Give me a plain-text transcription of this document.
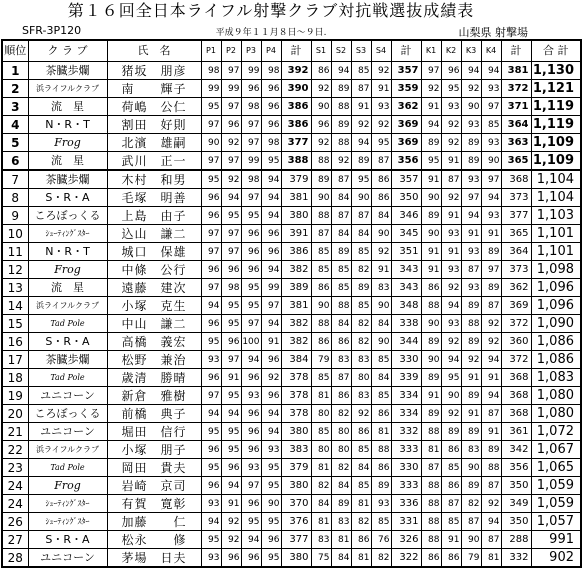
第１６回全日本ライフル射撃クラブ対抗戦選抜成績表
SFR-3P120	平成９年１１月８日～９日.	山梨県 射撃場
順位	ク ラ ブ	氏　名	P1	P2	P3	P4	計	S1	S2	S3	S4	計	K1	K2	K3	K4	計	合 計
1	茶臓歩爛	猪坂　朋彦	98	97	99	98	392	86	94	85	92	357	97	96	94	94	381	1,130
2	浜ライフルクラブ	南　　輝子	99	99	96	96	390	92	89	87	91	359	92	95	92	93	372	1,121
3	流　星	荷嶋　公仁	95	97	98	96	386	90	88	91	93	362	91	93	90	97	371	1,119
4	N・R・T	割田　好則	97	96	97	96	386	96	89	92	92	369	94	92	93	85	364	1,119
5	Frog	北濱　雄嗣	90	92	97	98	377	92	88	94	95	369	89	92	89	93	363	1,109
6	流　星	武川　正一	97	97	99	95	388	88	92	89	87	356	95	91	89	90	365	1,109
7	茶臓歩爛	木村　和男	95	92	98	94	379	89	87	95	86	357	91	87	93	97	368	1,104
8	S・R・A	毛塚　明善	96	94	97	94	381	90	84	90	86	350	90	92	97	94	373	1,104
9	ころぼっくる	上島　由子	96	95	95	94	380	88	87	87	84	346	89	91	94	93	377	1,103
10	ｼｭｰﾃｨﾝｸﾞｽﾀｰ	込山　謙二	97	97	96	96	391	87	84	84	90	345	90	93	91	91	365	1,101
11	N・R・T	城口　保雄	97	97	96	96	386	85	89	85	92	351	91	91	93	89	364	1,101
12	Frog	中條　公行	96	96	96	94	382	85	85	82	91	343	91	93	87	97	373	1,098
13	流　星	遠藤　建次	97	98	95	99	389	86	85	89	83	343	86	92	93	89	362	1,096
14	浜ライフルクラブ	小塚　克生	94	95	95	97	381	90	88	85	90	348	88	94	89	87	369	1,096
15	Tad Pole	中山　謙二	96	95	97	94	382	88	84	82	84	338	90	93	88	92	372	1,090
16	S・R・A	高橋　義宏	95	96	100	91	382	86	86	82	90	344	89	92	89	92	360	1,086
17	茶臓歩爛	松野　兼治	93	97	94	96	384	79	83	83	85	330	90	94	92	94	372	1,086
18	Tad Pole	歳清　勝晴	96	91	96	92	378	85	87	80	84	339	89	95	91	91	368	1,083
19	ユニコーン	新倉　雅樹	97	95	93	96	378	81	86	83	85	334	91	90	89	94	368	1,080
20	ころぼっくる	前橋　典子	94	94	96	94	378	80	82	92	86	334	89	92	91	87	368	1,080
21	ユニコーン	堀田　信行	95	95	96	94	380	85	80	86	81	332	88	89	89	91	361	1,072
22	浜ライフルクラブ	小塚　朋子	96	95	96	93	383	80	80	85	88	333	81	86	83	89	342	1,067
23	Tad Pole	岡田　貴夫	95	96	93	95	379	81	82	84	86	330	87	85	90	88	356	1,065
24	Frog	岩崎　京司	96	94	97	95	380	82	84	85	89	333	88	86	89	87	350	1,059
24	ｼｭｰﾃｨﾝｸﾞｽﾀｰ	有賀　寛彰	93	91	96	90	370	84	89	81	93	336	88	87	82	92	349	1,059
26	ｼｭｰﾃｨﾝｸﾞｽﾀｰ	加藤　　仁	94	92	95	95	376	81	83	82	85	331	88	85	87	94	350	1,057
27	S・R・A	松永　　修	95	92	94	96	377	83	81	86	76	326	88	91	90	87	288	991
28	ユニコーン	茅場　日夫	93	96	96	95	380	75	84	81	82	322	86	86	79	81	332	902
